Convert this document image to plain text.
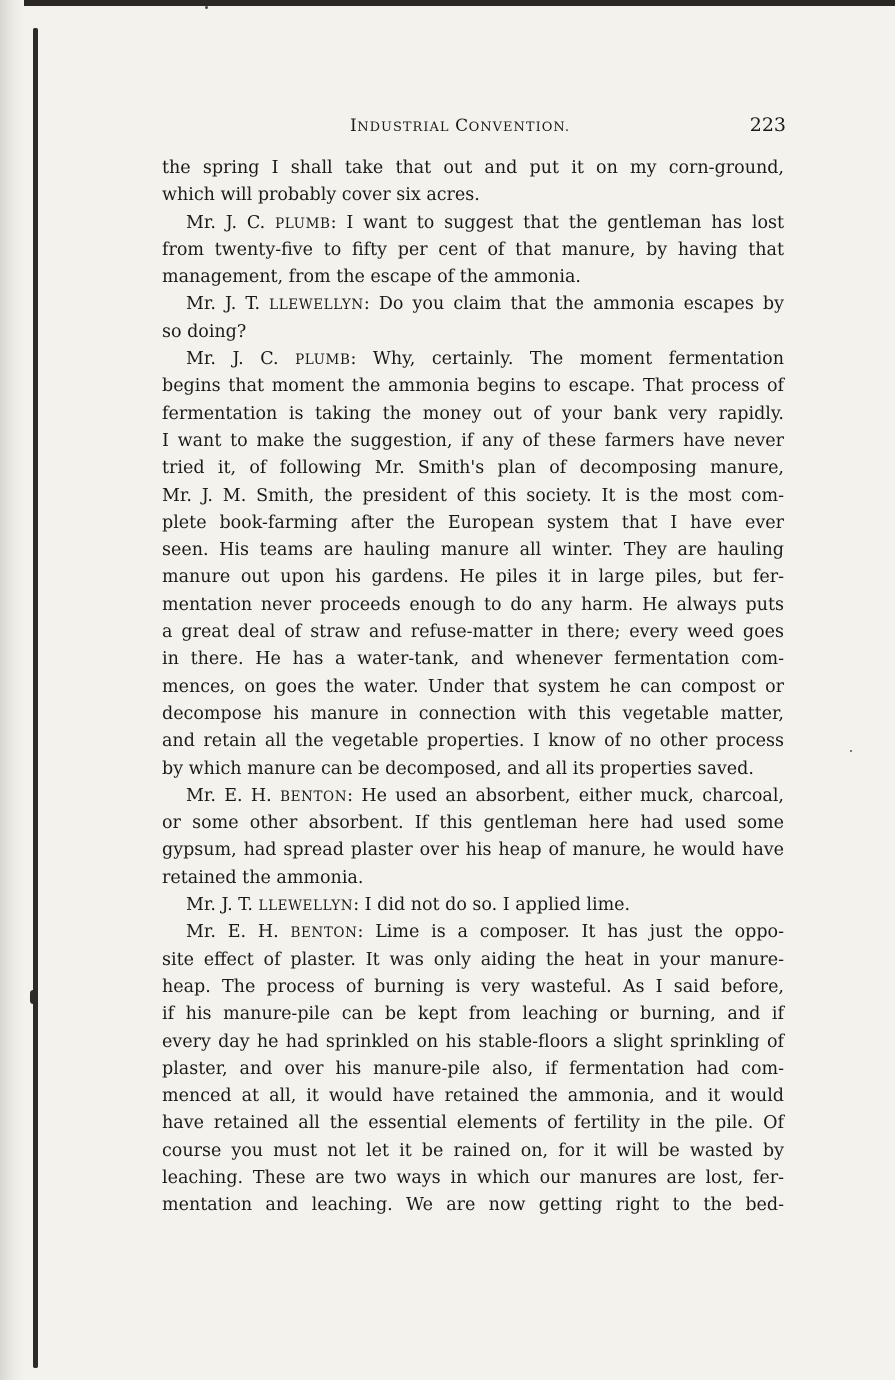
INDUSTRIAL CONVENTION.	223
the spring I shall take that out and put it on my corn-ground,
which will probably cover six acres.
Mr. J. C. PLUMB: I want to suggest that the gentleman has lost
from twenty-five to fifty per cent of that manure, by having that
management, from the escape of the ammonia.
Mr. J. T. LLEWELLYN: Do you claim that the ammonia escapes by
so doing?
Mr. J. C. PLUMB: Why, certainly. The moment fermentation
begins that moment the ammonia begins to escape. That process of
fermentation is taking the money out of your bank very rapidly.
I want to make the suggestion, if any of these farmers have never
tried it, of following Mr. Smith's plan of decomposing manure,
Mr. J. M. Smith, the president of this society. It is the most com-
plete book-farming after the European system that I have ever
seen. His teams are hauling manure all winter. They are hauling
manure out upon his gardens. He piles it in large piles, but fer-
mentation never proceeds enough to do any harm. He always puts
a great deal of straw and refuse-matter in there; every weed goes
in there. He has a water-tank, and whenever fermentation com-
mences, on goes the water. Under that system he can compost or
decompose his manure in connection with this vegetable matter,
and retain all the vegetable properties. I know of no other process
by which manure can be decomposed, and all its properties saved.
Mr. E. H. BENTON: He used an absorbent, either muck, charcoal,
or some other absorbent. If this gentleman here had used some
gypsum, had spread plaster over his heap of manure, he would have
retained the ammonia.
Mr. J. T. LLEWELLYN: I did not do so. I applied lime.
Mr. E. H. BENTON: Lime is a composer. It has just the oppo-
site effect of plaster. It was only aiding the heat in your manure-
heap. The process of burning is very wasteful. As I said before,
if his manure-pile can be kept from leaching or burning, and if
every day he had sprinkled on his stable-floors a slight sprinkling of
plaster, and over his manure-pile also, if fermentation had com-
menced at all, it would have retained the ammonia, and it would
have retained all the essential elements of fertility in the pile. Of
course you must not let it be rained on, for it will be wasted by
leaching. These are two ways in which our manures are lost, fer-
mentation and leaching. We are now getting right to the bed-
